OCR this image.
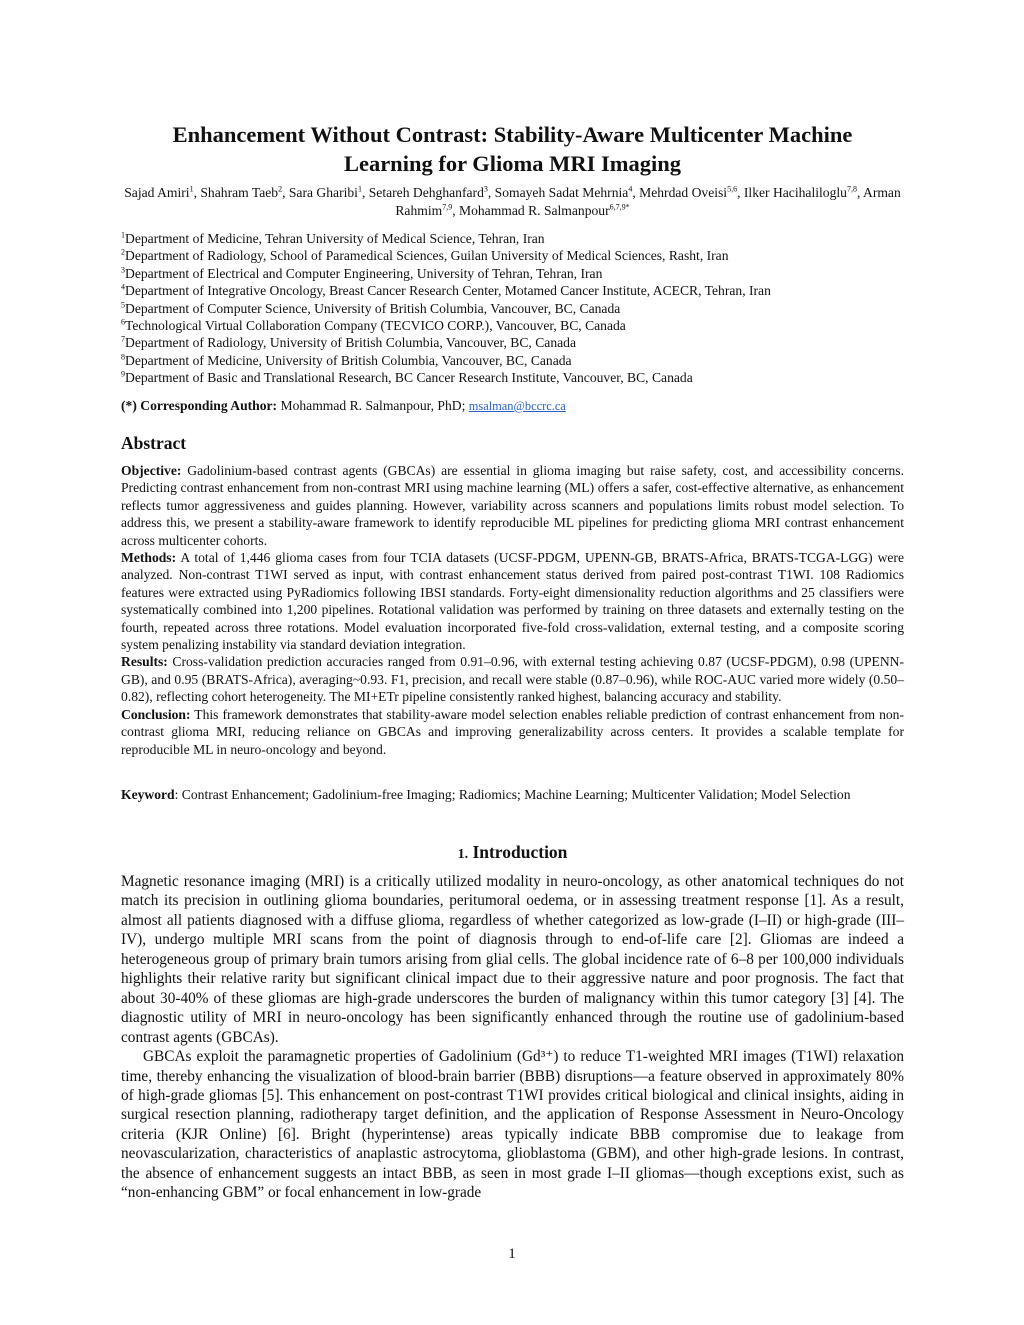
Enhancement Without Contrast: Stability-Aware Multicenter Machine
Learning for Glioma MRI Imaging
Sajad Amiri$^1$, Shahram Taeb$^2$, Sara Gharibi$^1$, Setareh Dehghanfard$^3$, Somayeh Sadat Mehrnia$^4$, Mehrdad Oveisi$^{5,6}$, Ilker Hacihaliloglu$^{7,8}$, Arman Rahmim$^{7,9}$, Mohammad R. Salmanpour$^{6,7,9*}$
$^1$Department of Medicine, Tehran University of Medical Science, Tehran, Iran
$^2$Department of Radiology, School of Paramedical Sciences, Guilan University of Medical Sciences, Rasht, Iran
$^3$Department of Electrical and Computer Engineering, University of Tehran, Tehran, Iran
$^4$Department of Integrative Oncology, Breast Cancer Research Center, Motamed Cancer Institute, ACECR, Tehran, Iran
$^5$Department of Computer Science, University of British Columbia, Vancouver, BC, Canada
$^6$Technological Virtual Collaboration Company (TECVICO CORP.), Vancouver, BC, Canada
$^7$Department of Radiology, University of British Columbia, Vancouver, BC, Canada
$^8$Department of Medicine, University of British Columbia, Vancouver, BC, Canada
$^9$Department of Basic and Translational Research, BC Cancer Research Institute, Vancouver, BC, Canada
(*) Corresponding Author: Mohammad R. Salmanpour, PhD; msalman@bccrc.ca
Abstract

Objective: Gadolinium-based contrast agents (GBCAs) are essential in glioma imaging but raise safety, cost, and accessibility concerns. Predicting contrast enhancement from non-contrast MRI using machine learning (ML) offers a safer, cost-effective alternative, as enhancement reflects tumor aggressiveness and guides planning. However, variability across scanners and populations limits robust model selection. To address this, we present a stability-aware framework to identify reproducible ML pipelines for predicting glioma MRI contrast enhancement across multicenter cohorts.

Methods: A total of 1,446 glioma cases from four TCIA datasets (UCSF-PDGM, UPENN-GB, BRATS-Africa, BRATS-TCGA-LGG) were analyzed. Non-contrast T1WI served as input, with contrast enhancement status derived from paired post-contrast T1WI. 108 Radiomics features were extracted using PyRadiomics following IBSI standards. Forty-eight dimensionality reduction algorithms and 25 classifiers were systematically combined into 1,200 pipelines. Rotational validation was performed by training on three datasets and externally testing on the fourth, repeated across three rotations. Model evaluation incorporated five-fold cross-validation, external testing, and a composite scoring system penalizing instability via standard deviation integration.

Results: Cross-validation prediction accuracies ranged from 0.91–0.96, with external testing achieving 0.87 (UCSF-PDGM), 0.98 (UPENN-GB), and 0.95 (BRATS-Africa), averaging~0.93. F1, precision, and recall were stable (0.87–0.96), while ROC-AUC varied more widely (0.50–0.82), reflecting cohort heterogeneity. The MI+ETr pipeline consistently ranked highest, balancing accuracy and stability.

Conclusion: This framework demonstrates that stability-aware model selection enables reliable prediction of contrast enhancement from non-contrast glioma MRI, reducing reliance on GBCAs and improving generalizability across centers. It provides a scalable template for reproducible ML in neuro-oncology and beyond.

Keyword: Contrast Enhancement; Gadolinium-free Imaging; Radiomics; Machine Learning; Multicenter Validation; Model Selection
1. Introduction

Magnetic resonance imaging (MRI) is a critically utilized modality in neuro-oncology, as other anatomical techniques do not match its precision in outlining glioma boundaries, peritumoral oedema, or in assessing treatment response [1]. As a result, almost all patients diagnosed with a diffuse glioma, regardless of whether categorized as low-grade (I–II) or high-grade (III–IV), undergo multiple MRI scans from the point of diagnosis through to end-of-life care [2]. Gliomas are indeed a heterogeneous group of primary brain tumors arising from glial cells. The global incidence rate of 6–8 per 100,000 individuals highlights their relative rarity but significant clinical impact due to their aggressive nature and poor prognosis. The fact that about 30-40% of these gliomas are high-grade underscores the burden of malignancy within this tumor category [3] [4]. The diagnostic utility of MRI in neuro-oncology has been significantly enhanced through the routine use of gadolinium-based contrast agents (GBCAs).

GBCAs exploit the paramagnetic properties of Gadolinium (Gd³⁺) to reduce T1-weighted MRI images (T1WI) relaxation time, thereby enhancing the visualization of blood-brain barrier (BBB) disruptions—a feature observed in approximately 80% of high-grade gliomas [5]. This enhancement on post-contrast T1WI provides critical biological and clinical insights, aiding in surgical resection planning, radiotherapy target definition, and the application of Response Assessment in Neuro-Oncology criteria (KJR Online) [6]. Bright (hyperintense) areas typically indicate BBB compromise due to leakage from neovascularization, characteristics of anaplastic astrocytoma, glioblastoma (GBM), and other high-grade lesions. In contrast, the absence of enhancement suggests an intact BBB, as seen in most grade I–II gliomas—though exceptions exist, such as “non-enhancing GBM” or focal enhancement in low-grade

1
